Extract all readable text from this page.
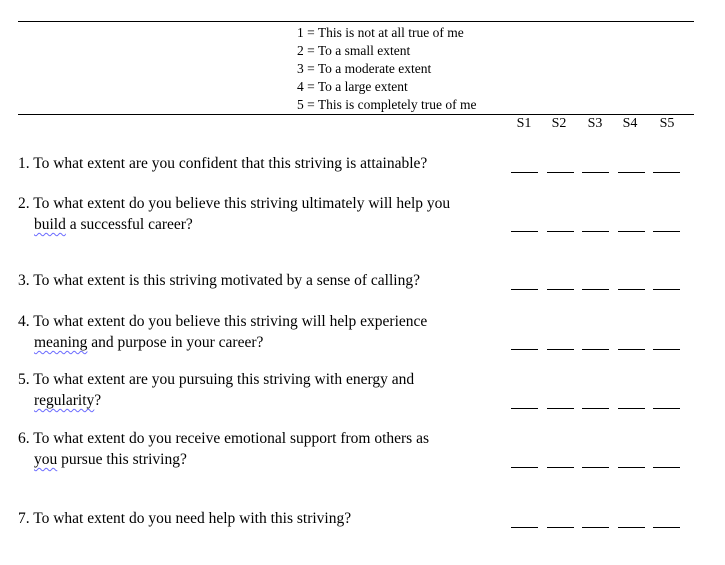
1 = This is not at all true of me
2 = To a small extent
3 = To a moderate extent
4 = To a large extent
5 = This is completely true of me
S1	S2	S3	S4	S5
1. To what extent are you confident that this striving is attainable?
2. To what extent do you believe this striving ultimately will help you
build a successful career?
3. To what extent is this striving motivated by a sense of calling?
4. To what extent do you believe this striving will help experience
meaning and purpose in your career?
5. To what extent are you pursuing this striving with energy and
regularity?
6. To what extent do you receive emotional support from others as
you pursue this striving?
7. To what extent do you need help with this striving?
